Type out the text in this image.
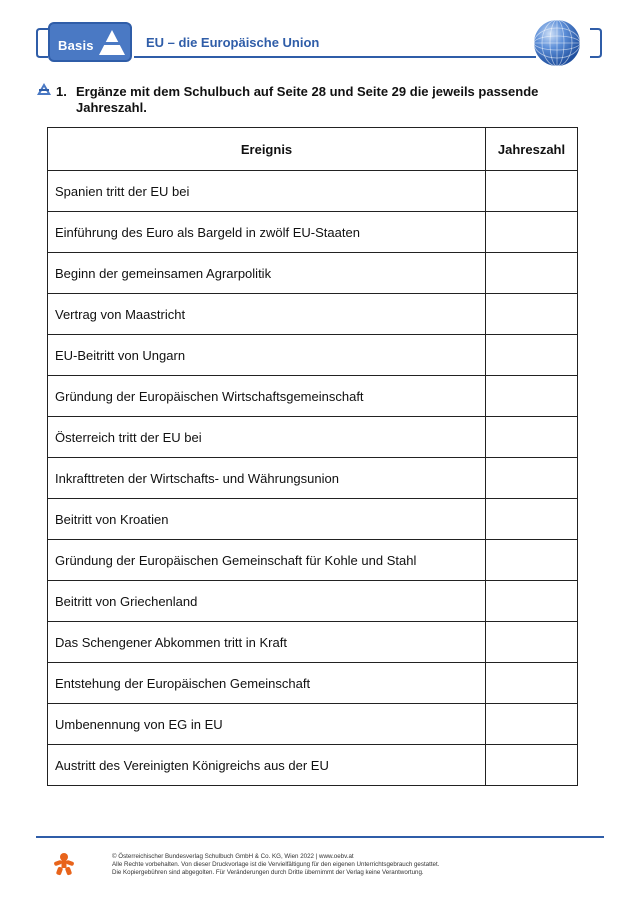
Basis	EU – die Europäische Union
1. Ergänze mit dem Schulbuch auf Seite 28 und Seite 29 die jeweils passende Jahreszahl.
Ereignis	Jahreszahl
Spanien tritt der EU bei	
Einführung des Euro als Bargeld in zwölf EU-Staaten	
Beginn der gemeinsamen Agrarpolitik	
Vertrag von Maastricht	
EU-Beitritt von Ungarn	
Gründung der Europäischen Wirtschaftsgemeinschaft	
Österreich tritt der EU bei	
Inkrafttreten der Wirtschafts- und Währungsunion	
Beitritt von Kroatien	
Gründung der Europäischen Gemeinschaft für Kohle und Stahl	
Beitritt von Griechenland	
Das Schengener Abkommen tritt in Kraft	
Entstehung der Europäischen Gemeinschaft	
Umbenennung von EG in EU	
Austritt des Vereinigten Königreichs aus der EU	
© Österreichischer Bundesverlag Schulbuch GmbH & Co. KG, Wien 2022 | www.oebv.at
Alle Rechte vorbehalten. Von dieser Druckvorlage ist die Vervielfältigung für den eigenen Unterrichtsgebrauch gestattet.
Die Kopiergebühren sind abgegolten. Für Veränderungen durch Dritte übernimmt der Verlag keine Verantwortung.
